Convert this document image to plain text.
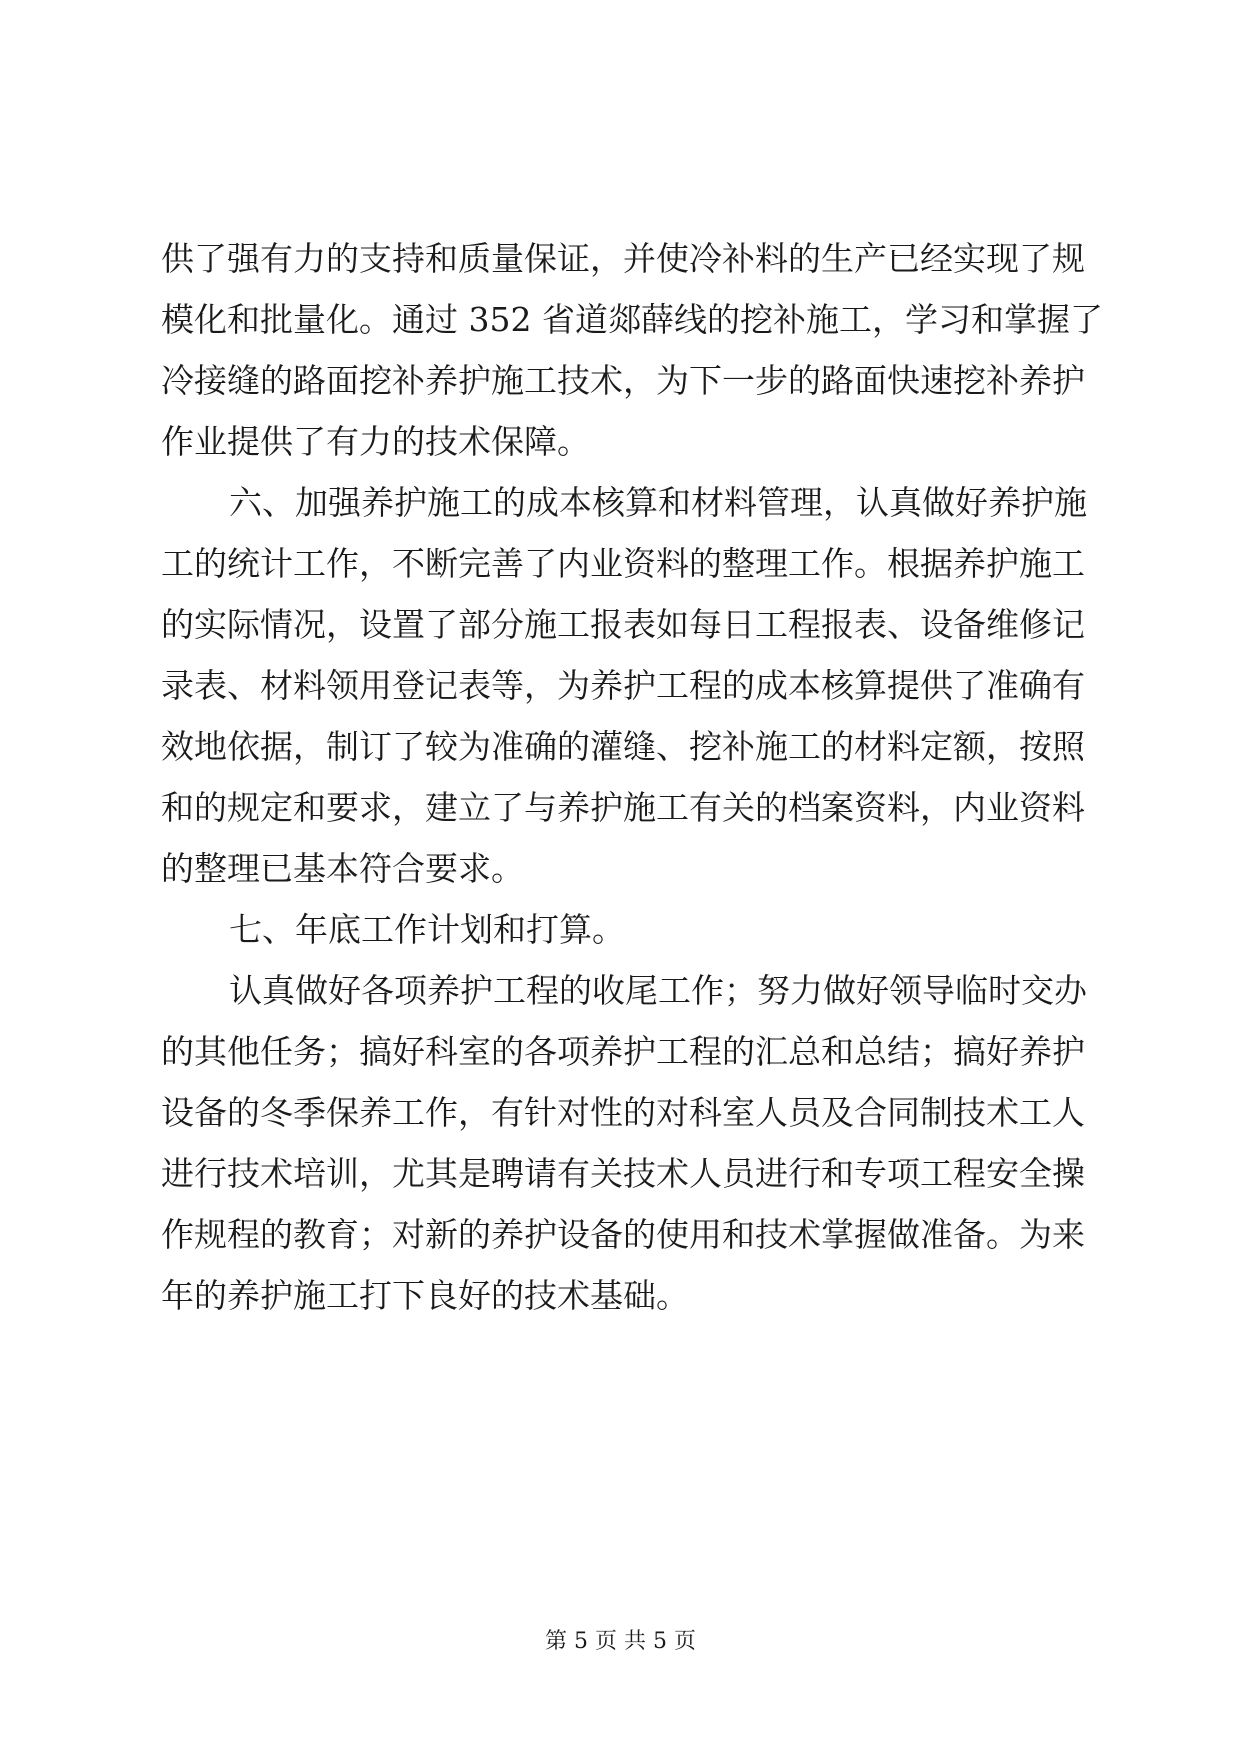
供了强有力的支持和质量保证，并使冷补料的生产已经实现了规
模化和批量化。通过 352 省道郯薛线的挖补施工，学习和掌握了
冷接缝的路面挖补养护施工技术，为下一步的路面快速挖补养护
作业提供了有力的技术保障。
六、加强养护施工的成本核算和材料管理，认真做好养护施
工的统计工作，不断完善了内业资料的整理工作。根据养护施工
的实际情况，设置了部分施工报表如每日工程报表、设备维修记
录表、材料领用登记表等，为养护工程的成本核算提供了准确有
效地依据，制订了较为准确的灌缝、挖补施工的材料定额，按照
和的规定和要求，建立了与养护施工有关的档案资料，内业资料
的整理已基本符合要求。
七、年底工作计划和打算。
认真做好各项养护工程的收尾工作；努力做好领导临时交办
的其他任务；搞好科室的各项养护工程的汇总和总结；搞好养护
设备的冬季保养工作，有针对性的对科室人员及合同制技术工人
进行技术培训，尤其是聘请有关技术人员进行和专项工程安全操
作规程的教育；对新的养护设备的使用和技术掌握做准备。为来
年的养护施工打下良好的技术基础。
第 5 页 共 5 页
